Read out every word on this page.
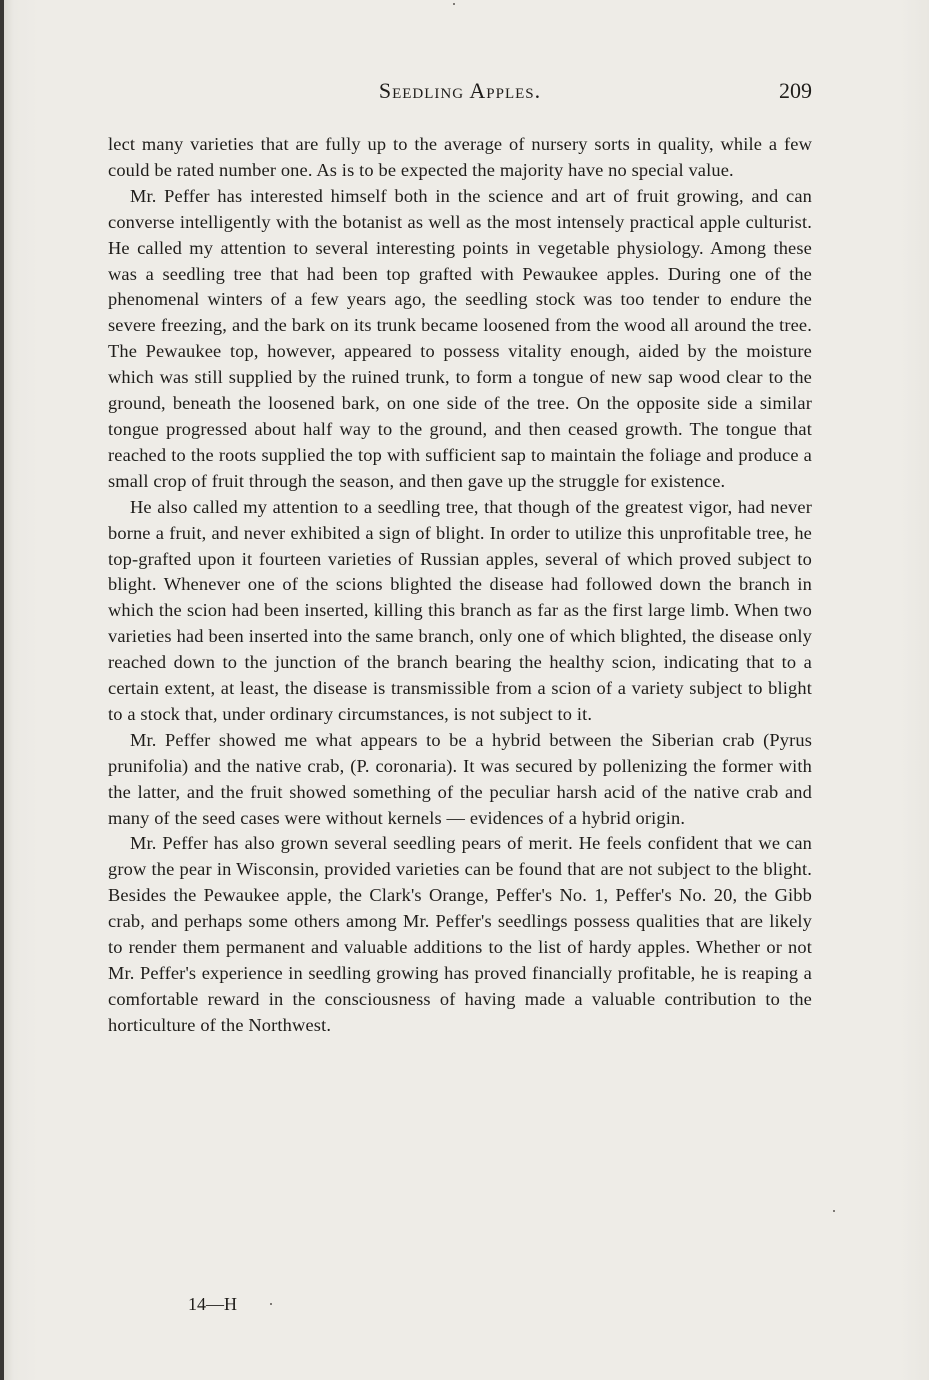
Seedling Apples.	209

lect many varieties that are fully up to the average of nursery sorts in quality, while a few could be rated number one. As is to be expected the majority have no special value.

Mr. Peffer has interested himself both in the science and art of fruit growing, and can converse intelligently with the botanist as well as the most intensely practical apple culturist. He called my attention to several interesting points in vegetable physiology. Among these was a seedling tree that had been top grafted with Pewaukee apples. During one of the phenomenal winters of a few years ago, the seedling stock was too tender to endure the severe freezing, and the bark on its trunk became loosened from the wood all around the tree. The Pewaukee top, however, appeared to possess vitality enough, aided by the moisture which was still supplied by the ruined trunk, to form a tongue of new sap wood clear to the ground, beneath the loosened bark, on one side of the tree. On the opposite side a similar tongue progressed about half way to the ground, and then ceased growth. The tongue that reached to the roots supplied the top with sufficient sap to maintain the foliage and produce a small crop of fruit through the season, and then gave up the struggle for existence.

He also called my attention to a seedling tree, that though of the greatest vigor, had never borne a fruit, and never exhibited a sign of blight. In order to utilize this unprofitable tree, he top-grafted upon it fourteen varieties of Russian apples, several of which proved subject to blight. Whenever one of the scions blighted the disease had followed down the branch in which the scion had been inserted, killing this branch as far as the first large limb. When two varieties had been inserted into the same branch, only one of which blighted, the disease only reached down to the junction of the branch bearing the healthy scion, indicating that to a certain extent, at least, the disease is transmissible from a scion of a variety subject to blight to a stock that, under ordinary circumstances, is not subject to it.

Mr. Peffer showed me what appears to be a hybrid between the Siberian crab (Pyrus prunifolia) and the native crab, (P. coronaria). It was secured by pollenizing the former with the latter, and the fruit showed something of the peculiar harsh acid of the native crab and many of the seed cases were without kernels — evidences of a hybrid origin.

Mr. Peffer has also grown several seedling pears of merit. He feels confident that we can grow the pear in Wisconsin, provided varieties can be found that are not subject to the blight. Besides the Pewaukee apple, the Clark's Orange, Peffer's No. 1, Peffer's No. 20, the Gibb crab, and perhaps some others among Mr. Peffer's seedlings possess qualities that are likely to render them permanent and valuable additions to the list of hardy apples. Whether or not Mr. Peffer's experience in seedling growing has proved financially profitable, he is reaping a comfortable reward in the consciousness of having made a valuable contribution to the horticulture of the Northwest.

14—H
